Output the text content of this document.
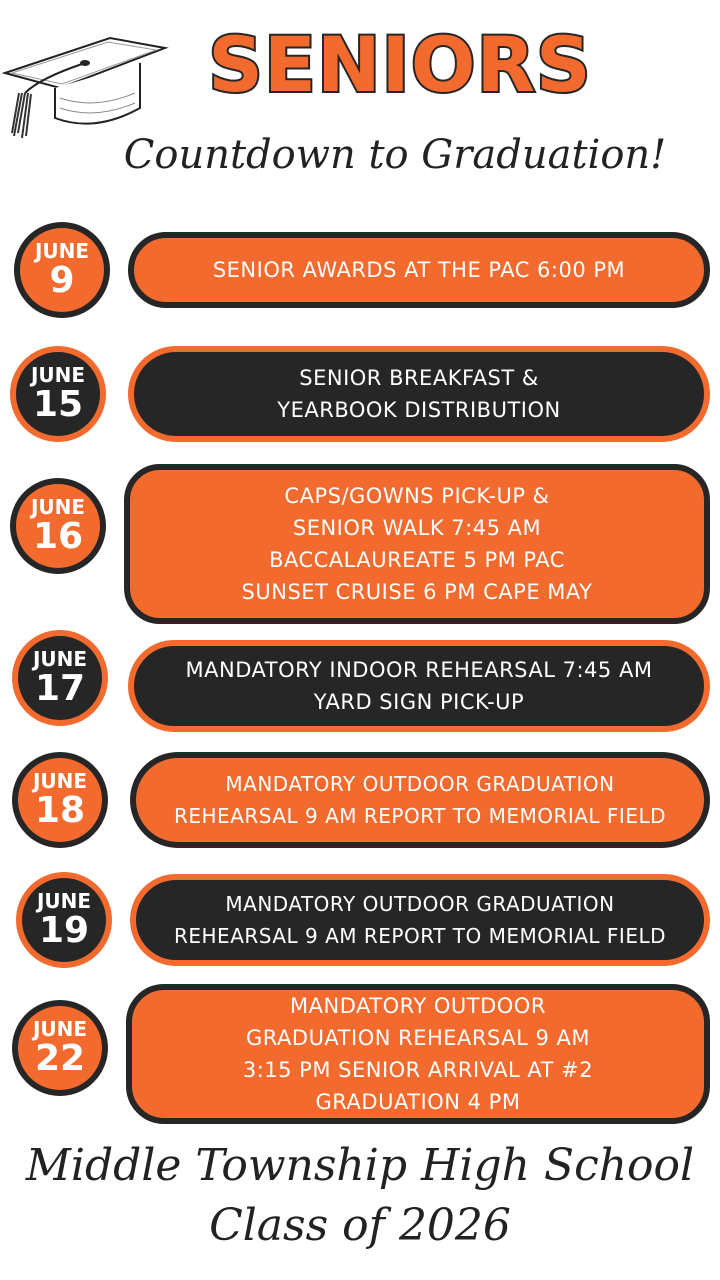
SENIORS
Countdown to Graduation!
JUNE
9	SENIOR AWARDS AT THE PAC 6:00 PM
JUNE
15
SENIOR BREAKFAST &
YEARBOOK DISTRIBUTION
JUNE
16
CAPS/GOWNS PICK-UP &
SENIOR WALK 7:45 AM
BACCALAUREATE 5 PM PAC
SUNSET CRUISE 6 PM CAPE MAY
JUNE
17	MANDATORY INDOOR REHEARSAL 7:45 AM
YARD SIGN PICK-UP
JUNE
18
MANDATORY OUTDOOR GRADUATION
REHEARSAL 9 AM REPORT TO MEMORIAL FIELD
JUNE
19
MANDATORY OUTDOOR GRADUATION
REHEARSAL 9 AM REPORT TO MEMORIAL FIELD
JUNE
22
MANDATORY OUTDOOR
GRADUATION REHEARSAL 9 AM
3:15 PM SENIOR ARRIVAL AT #2
GRADUATION 4 PM
Middle Township High School
Class of 2026
